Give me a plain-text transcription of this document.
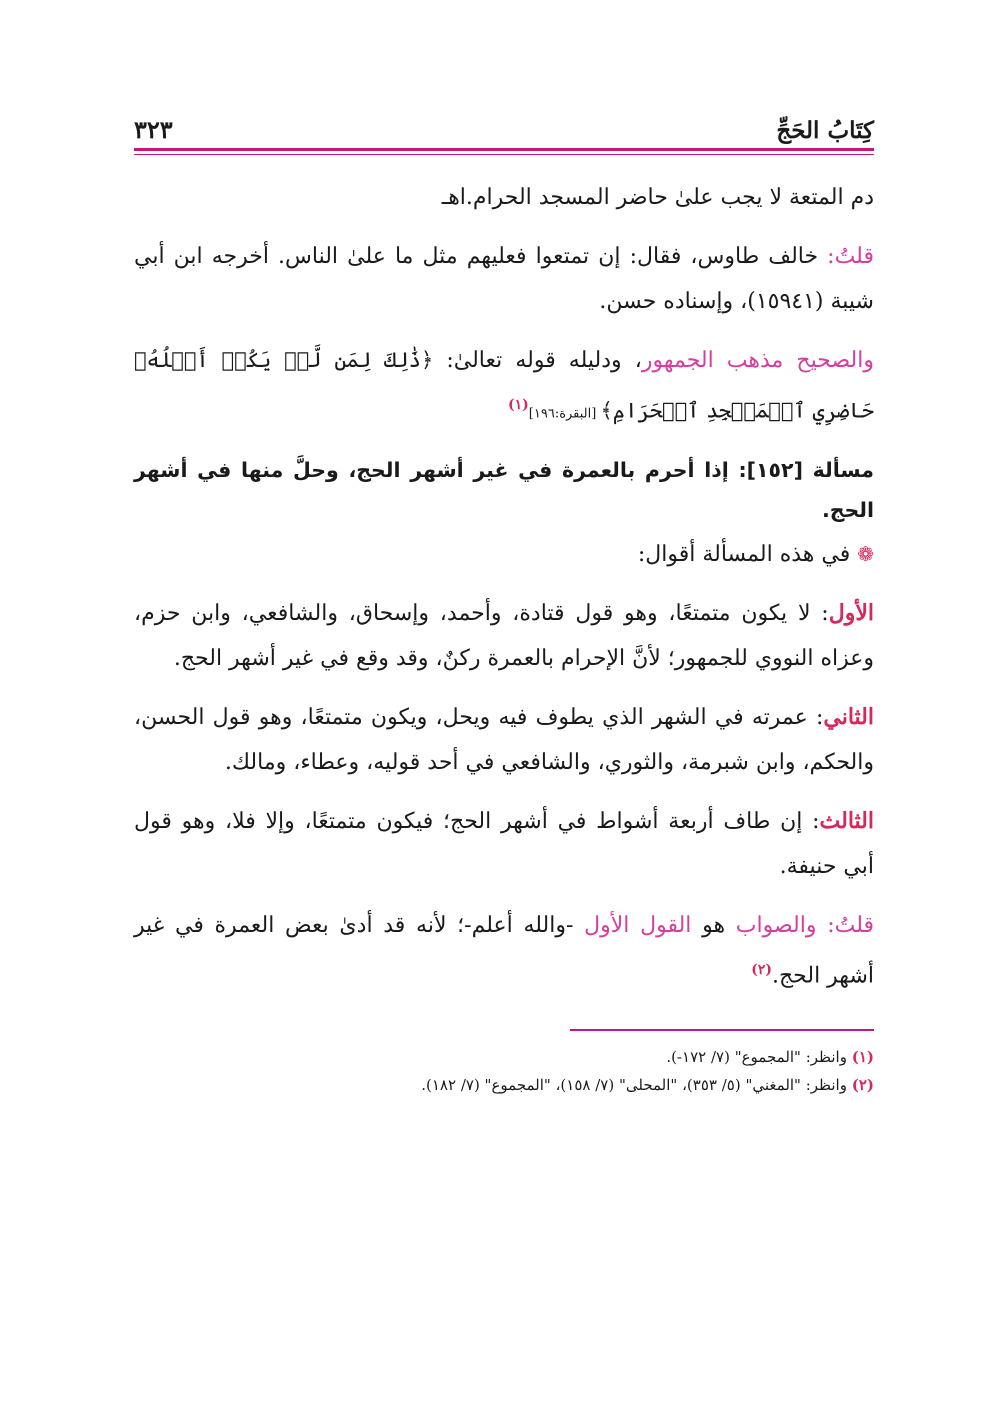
كِتَابُ الحَجِّ
٣٢٣

دم المتعة لا يجب علىٰ حاضر المسجد الحرام.اهـ

قلتُ: خالف طاوس، فقال: إن تمتعوا فعليهم مثل ما علىٰ الناس. أخرجه ابن أبي شيبة (١٥٩٤١)، وإسناده حسن.

والصحيح مذهب الجمهور، ودليله قوله تعالىٰ: ﴿ذَٰلِكَ لِمَن لَّمۡ يَكُنۡ أَهۡلُهُۥ حَاضِرِي ٱلۡمَسۡجِدِ ٱلۡحَرَامِ﴾ [البقرة:١٩٦]$^{(١)}$

مسألة [١٥٢]: إذا أحرم بالعمرة في غير أشهر الحج، وحلَّ منها في أشهر الحج.

❁ في هذه المسألة أقوال:

الأول: لا يكون متمتعًا، وهو قول قتادة، وأحمد، وإسحاق، والشافعي، وابن حزم، وعزاه النووي للجمهور؛ لأنَّ الإحرام بالعمرة ركنٌ، وقد وقع في غير أشهر الحج.

الثاني: عمرته في الشهر الذي يطوف فيه ويحل، ويكون متمتعًا، وهو قول الحسن، والحكم، وابن شبرمة، والثوري، والشافعي في أحد قوليه، وعطاء، ومالك.

الثالث: إن طاف أربعة أشواط في أشهر الحج؛ فيكون متمتعًا، وإلا فلا، وهو قول أبي حنيفة.

قلتُ: والصواب هو القول الأول -والله أعلم-؛ لأنه قد أدىٰ بعض العمرة في غير أشهر الحج.$^{(٢)}$

(١) وانظر: "المجموع" (٧/ ١٧٢-).

(٢) وانظر: "المغني" (٥/ ٣٥٣)، "المحلى" (٧/ ١٥٨)، "المجموع" (٧/ ١٨٢).
